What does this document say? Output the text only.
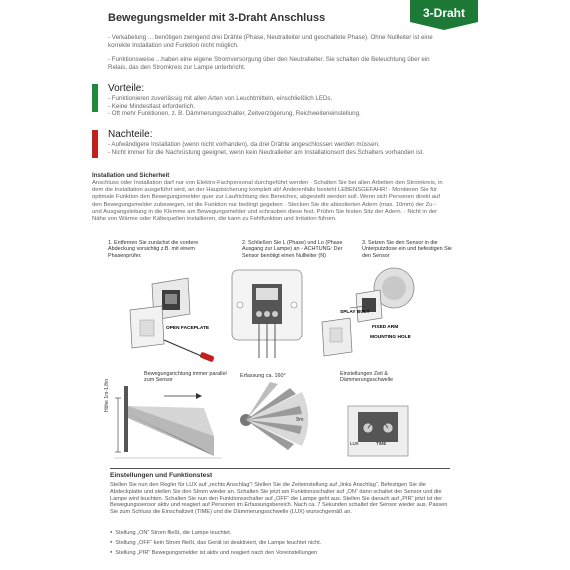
Bewegungsmelder mit 3-Draht Anschluss	3-Draht
- Verkabelung ... benötigen zwingend drei Drähte (Phase, Neutralleiter und geschaltete Phase). Ohne Nullleiter ist eine korrekte Installation und Funktion nicht möglich.
- Funktionsweise ...haben eine eigene Stromversorgung über den Neutralleiter. Sie schalten die Beleuchtung über ein Relais, das den Stromkreis zur Lampe unterbricht.
Vorteile:
- Funktionieren zuverlässig mit allen Arten von Leuchtmitteln, einschließlich LEDs.
- Keine Mindestlast erforderlich.
- Oft mehr Funktionen, z. B. Dämmerungsschalter, Zeitverzögerung, Reichweiteneinstellung.
Nachteile:
- Aufwändigere Installation (wenn nicht vorhanden), da drei Drähte angeschlossen werden müssen.
- Nicht immer für die Nachrüstung geeignet, wenn kein Neutralleiter am Installationsort des Schalters vorhanden ist.
Installation und Sicherheit
Anschluss oder Installation darf nur von Elektro-Fachpersonal durchgeführt werden · Schalten Sie bei allen Arbeiten den Stromkreis, in dem die Installation ausgeführt wird, an der Hauptsicherung komplett ab! Anderenfalls besteht LEBENSGEFAHR! · Montieren Sie für optimale Funktion den Bewegungsmelder quer zur Laufrichtung des Bereiches, abgestellt werden soll. Wenn sich Personen direkt auf den Bewegungsmelder zubewegen, ist die Funktion nur bedingt gegeben · Stecken Sie die abisolierten Adern (max. 10mm) der Zu - und Ausgangsleitung in die Klemme am Bewegungsmelder und schrauben diese fest. Prüfen Sie festen Sitz der Adern. · Nicht in der Nähe von Wärme oder Kältequellen installieren, die kann zu Fehlfunktion und Irritation führen.
1. Entfernen Sie zunächst die vordere Abdeckung vorsichtig z.B. mit einem Phasenprüfer.
2. Schließen Sie L (Phase) und Lo (Phase Ausgang zur Lampe) an - ACHTUNG: Der Sensor benötigt einen Nullleiter (N)
3. Setzen Sie den Sensor in die Unterputzdose ein und befestigen Sie den Sensor
OPEN FACEPLATE
SPLAY BOLT
FIXED ARM
MOUNTING HOLE
Bewegungsrichtung immer parallel zum Sensor
Erfassung ca. 160°	Einstellungen Zeit & Dämmerungsschwelle
Höhe 1m-1,8m
9m
LUX	TIME
Einstellungen und Funktionstest
Stellen Sie nun den Regler für LUX auf „rechts Anschlag“! Stellen Sie die Zeiteinstellung auf „links Anschlag“. Befestigen Sie die Abdeckplatte und stellen Sie den Strom wieder an. Schalten Sie jetzt am Funktionsschalter auf „ON“ dann schaltet der Sensor und die Lampe wird leuchten. Schalten Sie nun den Funktionsschalter auf „OFF“ die Lampe geht aus. Stellen Sie danach auf „PIR“ jetzt ist der Bewegungssensor aktiv und reagiert auf Personen im Erfassungsbereich. Nach ca. 7 Sekunden schaltet der Sensor wieder aus. Passen Sie zum Schluss die Einschaltzeit (TIME) und die Dämmerungsschwelle (LUX) wunschgemäß an.
● Stellung „ON“ Strom fließt, die Lampe leuchtet.
● Stellung „OFF“ kein Strom fließt, das Gerät ist deaktiviert, die Lampe leuchtet nicht.
● Stellung „PIR“ Bewegungsmelder ist aktiv und reagiert nach den Voreinstellungen
